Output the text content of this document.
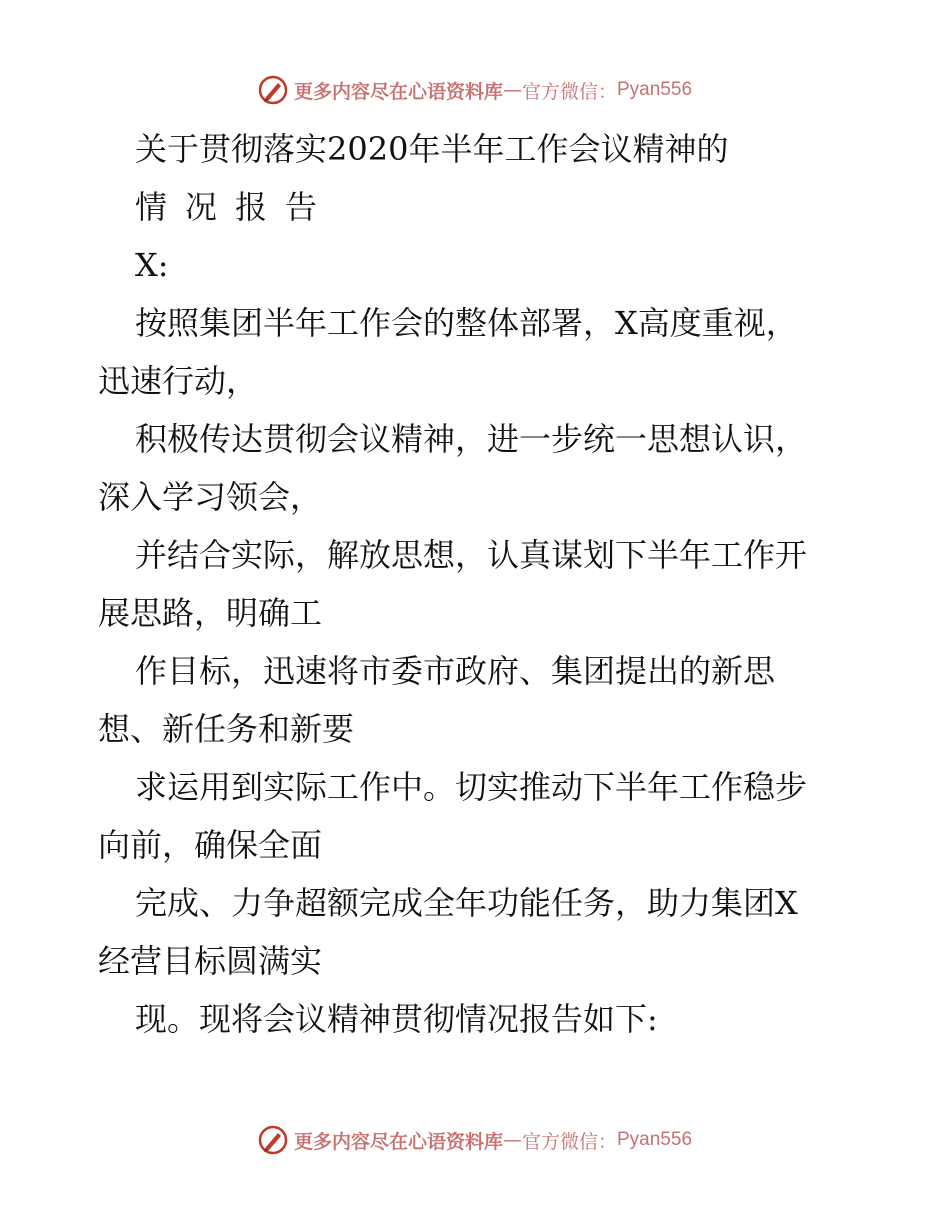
更多内容尽在心语资料库 — 官方微信： Pyan556

关于贯彻落实2020年半年工作会议精神的

情况报告

X:

按照集团半年工作会的整体部署，X高度重视，
迅速行动，

积极传达贯彻会议精神，进一步统一思想认识，
深入学习领会，

并结合实际，解放思想，认真谋划下半年工作开
展思路，明确工

作目标，迅速将市委市政府、集团提出的新思
想、新任务和新要

求运用到实际工作中。切实推动下半年工作稳步
向前，确保全面

完成、力争超额完成全年功能任务，助力集团X
经营目标圆满实

现。现将会议精神贯彻情况报告如下:

更多内容尽在心语资料库 — 官方微信： Pyan556
